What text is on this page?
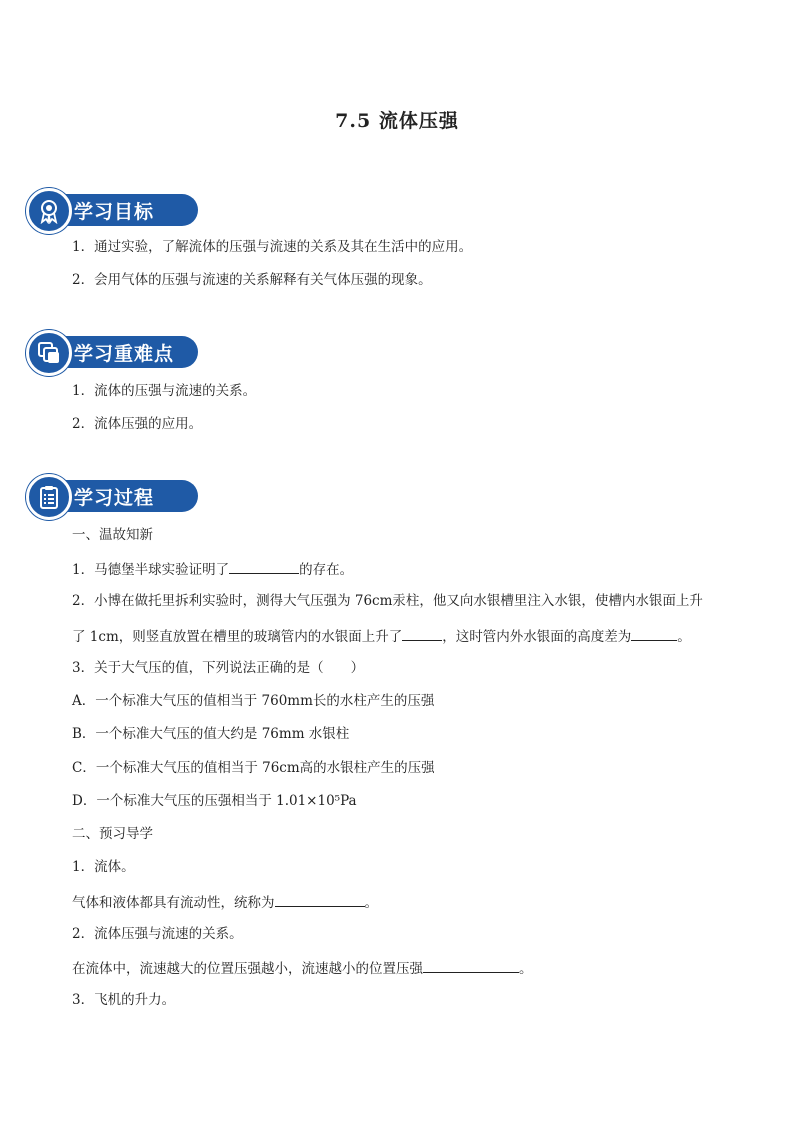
7.5 流体压强
学习目标
1．通过实验，了解流体的压强与流速的关系及其在生活中的应用。
2．会用气体的压强与流速的关系解释有关气体压强的现象。
学习重难点
1．流体的压强与流速的关系。
2．流体压强的应用。
学习过程
一、温故知新
1．马德堡半球实验证明了	的存在。
2．小博在做托里拆利实验时，测得大气压强为 76cm汞柱，他又向水银槽里注入水银，使槽内水银面上升
了 1cm，则竖直放置在槽里的玻璃管内的水银面上升了	，这时管内外水银面的高度差为	。
3．关于大气压的值，下列说法正确的是（　　）
A．一个标准大气压的值相当于 760mm长的水柱产生的压强
B．一个标准大气压的值大约是 76mm 水银柱
C．一个标准大气压的值相当于 76cm高的水银柱产生的压强
D．一个标准大气压的压强相当于 1.01×10⁵Pa
二、预习导学
1．流体。
气体和液体都具有流动性，统称为	。
2．流体压强与流速的关系。
在流体中，流速越大的位置压强越小，流速越小的位置压强	。
3．飞机的升力。
